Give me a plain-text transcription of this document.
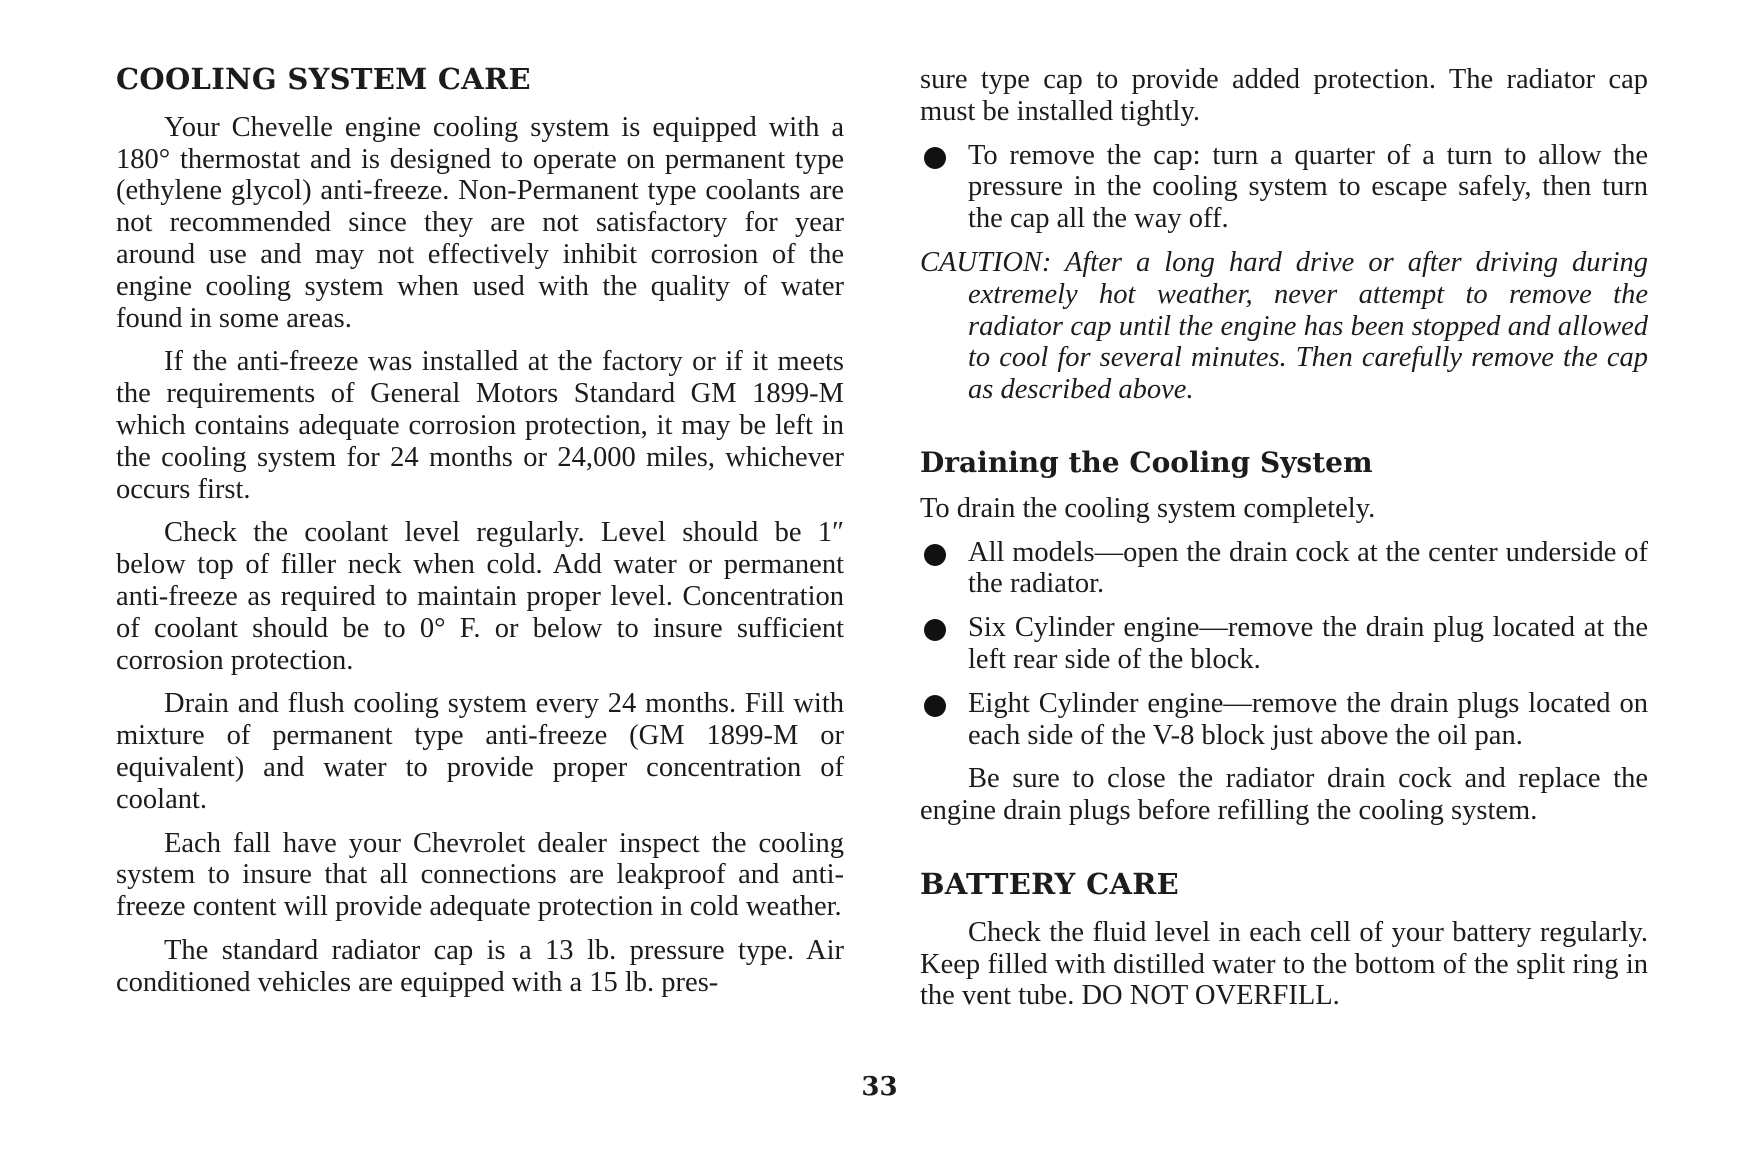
COOLING SYSTEM CARE

Your Chevelle engine cooling system is equipped with a 180° thermostat and is designed to operate on permanent type (ethylene glycol) anti-freeze. Non-Permanent type coolants are not recommended since they are not satisfactory for year around use and may not effectively inhibit corrosion of the engine cooling system when used with the quality of water found in some areas.

If the anti-freeze was installed at the factory or if it meets the requirements of General Motors Standard GM 1899-M which contains adequate corrosion protection, it may be left in the cooling system for 24 months or 24,000 miles, whichever occurs first.

Check the coolant level regularly. Level should be 1″ below top of filler neck when cold. Add water or permanent anti-freeze as required to maintain proper level. Concentration of coolant should be to 0° F. or below to insure sufficient corrosion protection.

Drain and flush cooling system every 24 months. Fill with mixture of permanent type anti-freeze (GM 1899-M or equivalent) and water to provide proper concentration of coolant.

Each fall have your Chevrolet dealer inspect the cooling system to insure that all connections are leakproof and anti-freeze content will provide adequate protection in cold weather.

The standard radiator cap is a 13 lb. pressure type. Air conditioned vehicles are equipped with a 15 lb. pres-

sure type cap to provide added protection. The radiator cap must be installed tightly.

To remove the cap: turn a quarter of a turn to allow the pressure in the cooling system to escape safely, then turn the cap all the way off.
CAUTION: After a long hard drive or after driving during extremely hot weather, never attempt to remove the radiator cap until the engine has been stopped and allowed to cool for several minutes. Then carefully remove the cap as described above.
Draining the Cooling System

To drain the cooling system completely.

All models—open the drain cock at the center underside of the radiator.
Six Cylinder engine—remove the drain plug located at the left rear side of the block.
Eight Cylinder engine—remove the drain plugs located on each side of the V-8 block just above the oil pan.

Be sure to close the radiator drain cock and replace the engine drain plugs before refilling the cooling system.

BATTERY CARE

Check the fluid level in each cell of your battery regularly. Keep filled with distilled water to the bottom of the split ring in the vent tube. DO NOT OVERFILL.

33
